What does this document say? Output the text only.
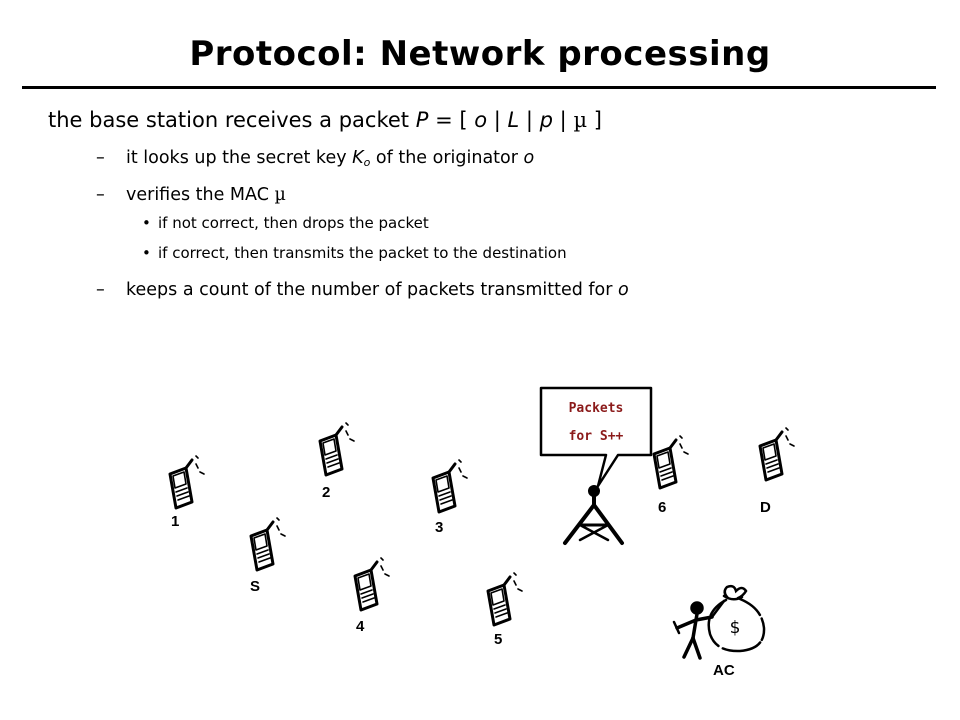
Protocol: Network processing
the base station receives a packet P = [ o | L | p | µ ]
– it looks up the secret key $K_o$ of the originator o
– verifies the MAC µ
• if not correct, then drops the packet
• if correct, then transmits the packet to the destination
– keeps a count of the number of packets transmitted for o
1
2
3
S
4
5
6	D
Packets
for S++
$
AC
